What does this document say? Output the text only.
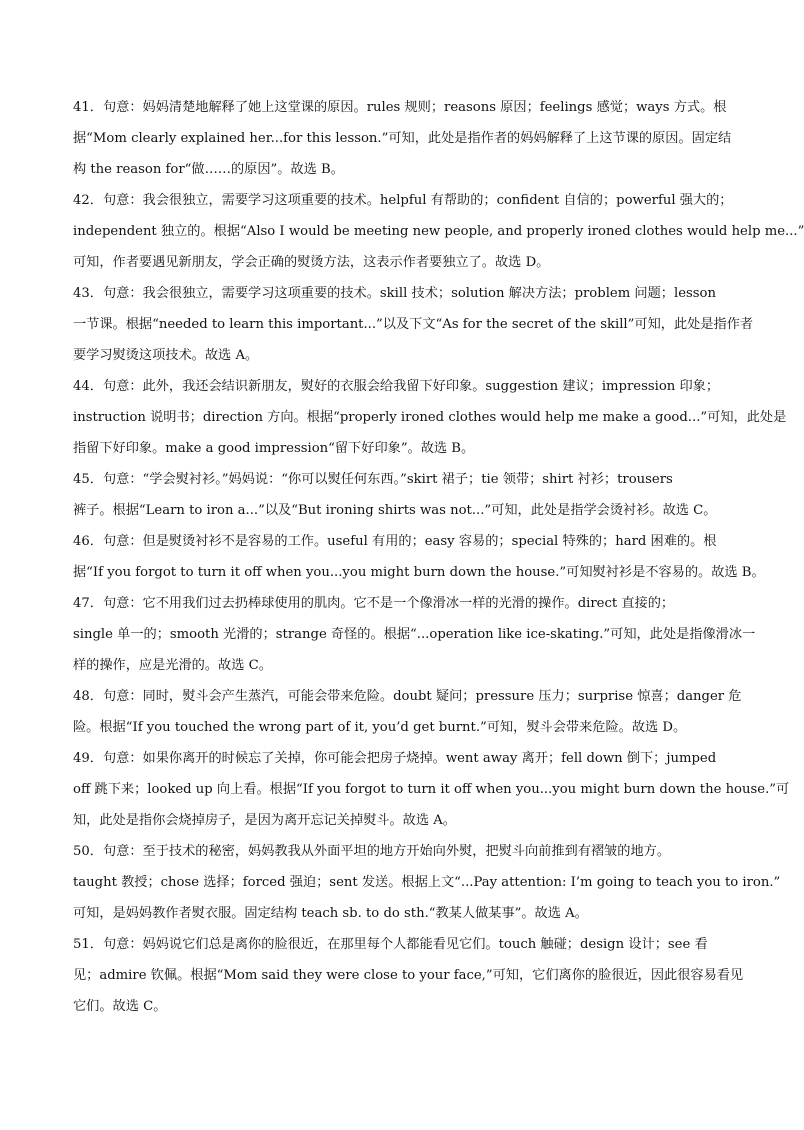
41．句意：妈妈清楚地解释了她上这堂课的原因。rules 规则；reasons 原因；feelings 感觉；ways 方式。根
据“Mom clearly explained her...for this lesson.”可知，此处是指作者的妈妈解释了上这节课的原因。固定结
构 the reason for“做……的原因”。故选 B。
42．句意：我会很独立，需要学习这项重要的技术。helpful 有帮助的；confident 自信的；powerful 强大的；
independent 独立的。根据“Also I would be meeting new people, and properly ironed clothes would help me...”
可知，作者要遇见新朋友，学会正确的熨烫方法，这表示作者要独立了。故选 D。
43．句意：我会很独立，需要学习这项重要的技术。skill 技术；solution 解决方法；problem 问题；lesson
一节课。根据“needed to learn this important...”以及下文“As for the secret of the skill”可知，此处是指作者
要学习熨烫这项技术。故选 A。
44．句意：此外，我还会结识新朋友，熨好的衣服会给我留下好印象。suggestion 建议；impression 印象；
instruction 说明书；direction 方向。根据“properly ironed clothes would help me make a good...”可知，此处是
指留下好印象。make a good impression“留下好印象”。故选 B。
45．句意：“学会熨衬衫。”妈妈说：“你可以熨任何东西。”skirt 裙子；tie 领带；shirt 衬衫；trousers
裤子。根据“Learn to iron a...”以及“But ironing shirts was not...”可知，此处是指学会烫衬衫。故选 C。
46．句意：但是熨烫衬衫不是容易的工作。useful 有用的；easy 容易的；special 特殊的；hard 困难的。根
据“If you forgot to turn it off when you...you might burn down the house.”可知熨衬衫是不容易的。故选 B。
47．句意：它不用我们过去扔棒球使用的肌肉。它不是一个像滑冰一样的光滑的操作。direct 直接的；
single 单一的；smooth 光滑的；strange 奇怪的。根据“...operation like ice-skating.”可知，此处是指像滑冰一
样的操作，应是光滑的。故选 C。
48．句意：同时，熨斗会产生蒸汽，可能会带来危险。doubt 疑问；pressure 压力；surprise 惊喜；danger 危
险。根据“If you touched the wrong part of it, you’d get burnt.”可知，熨斗会带来危险。故选 D。
49．句意：如果你离开的时候忘了关掉，你可能会把房子烧掉。went away 离开；fell down 倒下；jumped
off 跳下来；looked up 向上看。根据“If you forgot to turn it off when you...you might burn down the house.”可
知，此处是指你会烧掉房子，是因为离开忘记关掉熨斗。故选 A。
50．句意：至于技术的秘密，妈妈教我从外面平坦的地方开始向外熨，把熨斗向前推到有褶皱的地方。
taught 教授；chose 选择；forced 强迫；sent 发送。根据上文“...Pay attention: I’m going to teach you to iron.”
可知，是妈妈教作者熨衣服。固定结构 teach sb. to do sth.“教某人做某事”。故选 A。
51．句意：妈妈说它们总是离你的脸很近，在那里每个人都能看见它们。touch 触碰；design 设计；see 看
见；admire 钦佩。根据“Mom said they were close to your face,”可知，它们离你的脸很近，因此很容易看见
它们。故选 C。
